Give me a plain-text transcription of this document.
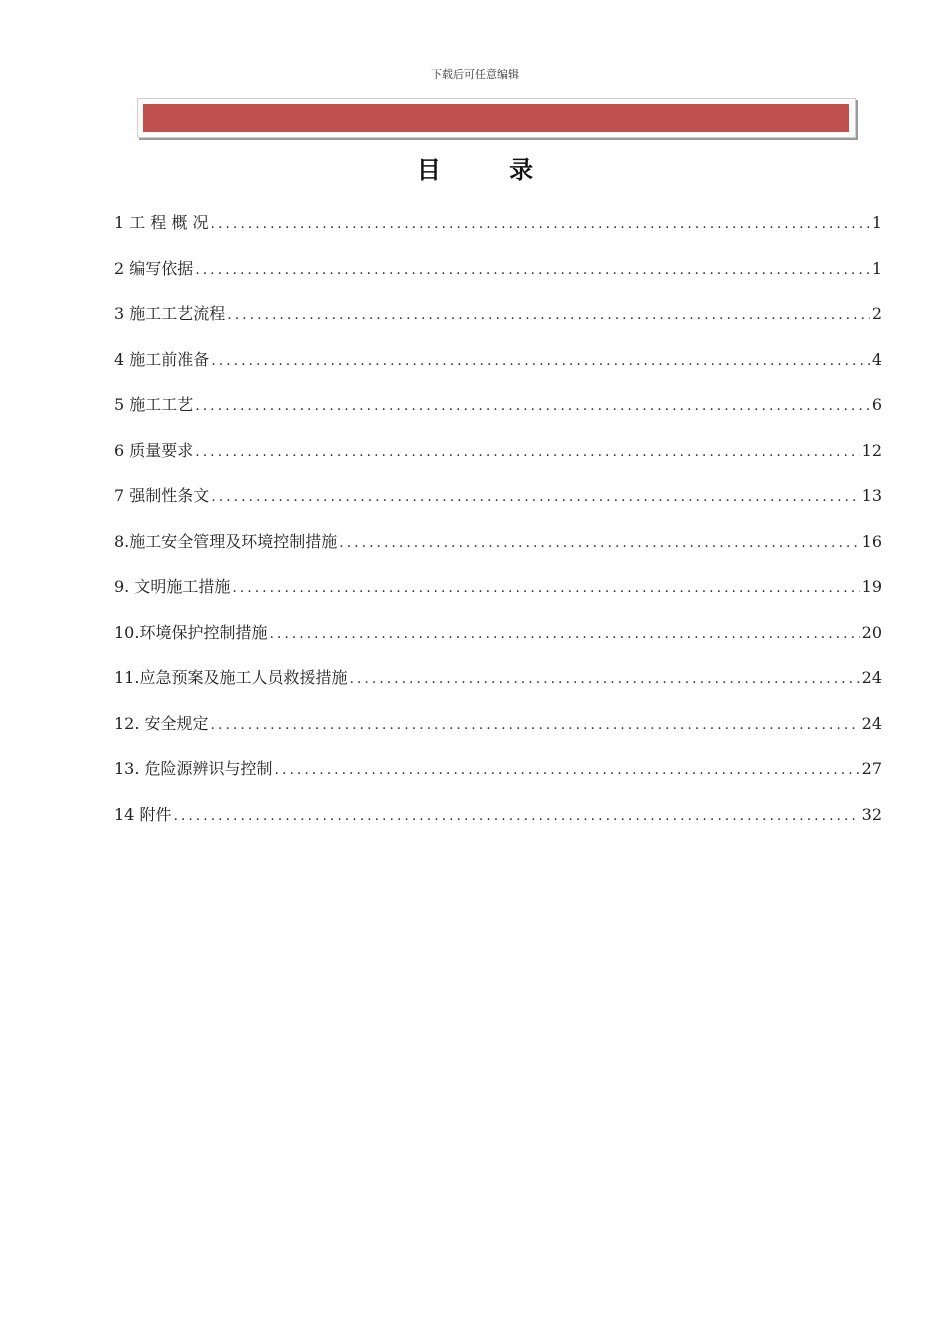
下载后可任意编辑
目 录
1 工 程 概 况 .....	1
2 编写依据 .....	1
3 施工工艺流程 .....	2
4 施工前准备 .....	4
5 施工工艺 .....	6
6 质量要求 .....	12
7 强制性条文 .....	13
8.施工安全管理及环境控制措施 .....	16
9. 文明施工措施 .....	19
10.环境保护控制措施 .....	20
11.应急预案及施工人员救援措施 .....	24
12. 安全规定 .....	24
13. 危险源辨识与控制 .....	27
14 附件 .....	32
